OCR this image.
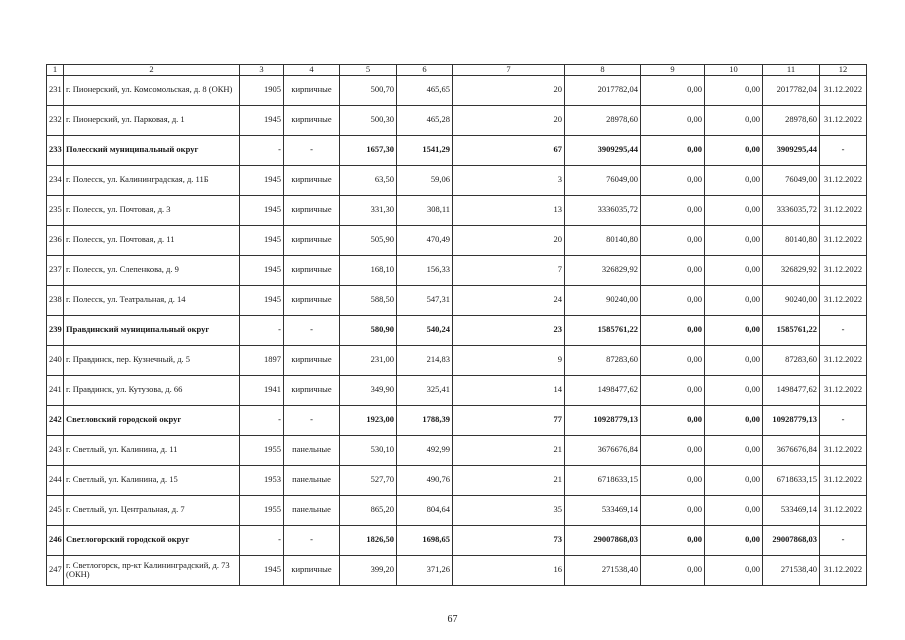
1	2	3	4	5	6	7	8	9	10	11	12
231	г. Пионерский, ул. Комсомольская, д. 8 (ОКН)	1905	кирпичные	500,70	465,65	20	2017782,04	0,00	0,00	2017782,04	31.12.2022
232	г. Пионерский, ул. Парковая, д. 1	1945	кирпичные	500,30	465,28	20	28978,60	0,00	0,00	28978,60	31.12.2022
233	Полесский муниципальный округ	-	-	1657,30	1541,29	67	3909295,44	0,00	0,00	3909295,44	-
234	г. Полесск, ул. Калининградская, д. 11Б	1945	кирпичные	63,50	59,06	3	76049,00	0,00	0,00	76049,00	31.12.2022
235	г. Полесск, ул. Почтовая, д. 3	1945	кирпичные	331,30	308,11	13	3336035,72	0,00	0,00	3336035,72	31.12.2022
236	г. Полесск, ул. Почтовая, д. 11	1945	кирпичные	505,90	470,49	20	80140,80	0,00	0,00	80140,80	31.12.2022
237	г. Полесск, ул. Слепенкова, д. 9	1945	кирпичные	168,10	156,33	7	326829,92	0,00	0,00	326829,92	31.12.2022
238	г. Полесск, ул. Театральная, д. 14	1945	кирпичные	588,50	547,31	24	90240,00	0,00	0,00	90240,00	31.12.2022
239	Правдинский муниципальный округ	-	-	580,90	540,24	23	1585761,22	0,00	0,00	1585761,22	-
240	г. Правдинск, пер. Кузнечный, д. 5	1897	кирпичные	231,00	214,83	9	87283,60	0,00	0,00	87283,60	31.12.2022
241	г. Правдинск, ул. Кутузова, д. 66	1941	кирпичные	349,90	325,41	14	1498477,62	0,00	0,00	1498477,62	31.12.2022
242	Светловский городской округ	-	-	1923,00	1788,39	77	10928779,13	0,00	0,00	10928779,13	-
243	г. Светлый, ул. Калинина, д. 11	1955	панельные	530,10	492,99	21	3676676,84	0,00	0,00	3676676,84	31.12.2022
244	г. Светлый, ул. Калинина, д. 15	1953	панельные	527,70	490,76	21	6718633,15	0,00	0,00	6718633,15	31.12.2022
245	г. Светлый, ул. Центральная, д. 7	1955	панельные	865,20	804,64	35	533469,14	0,00	0,00	533469,14	31.12.2022
246	Светлогорский городской округ	-	-	1826,50	1698,65	73	29007868,03	0,00	0,00	29007868,03	-
247	г. Светлогорск, пр-кт Калининградский, д. 73 (ОКН)	1945	кирпичные	399,20	371,26	16	271538,40	0,00	0,00	271538,40	31.12.2022
67
